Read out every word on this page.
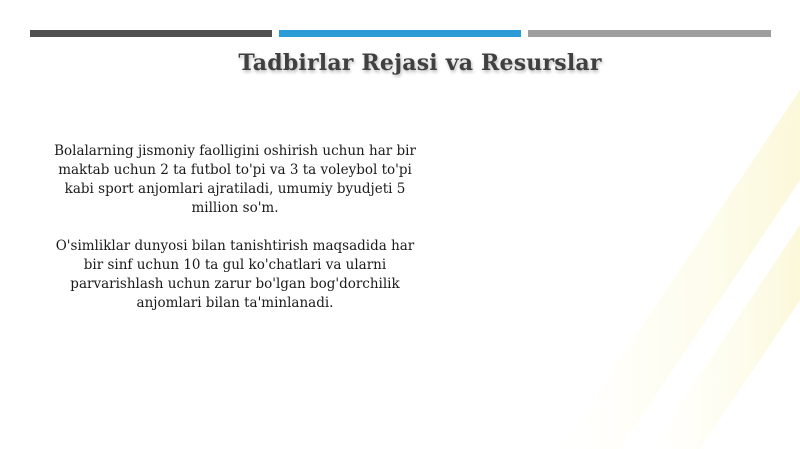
Tadbirlar Rejasi va Resurslar

Bolalarning jismoniy faolligini oshirish uchun har bir maktab uchun 2 ta futbol to'pi va 3 ta voleybol to'pi kabi sport anjomlari ajratiladi, umumiy byudjeti 5 million so'm.

O'simliklar dunyosi bilan tanishtirish maqsadida har bir sinf uchun 10 ta gul ko'chatlari va ularni parvarishlash uchun zarur bo'lgan bog'dorchilik anjomlari bilan ta'minlanadi.
